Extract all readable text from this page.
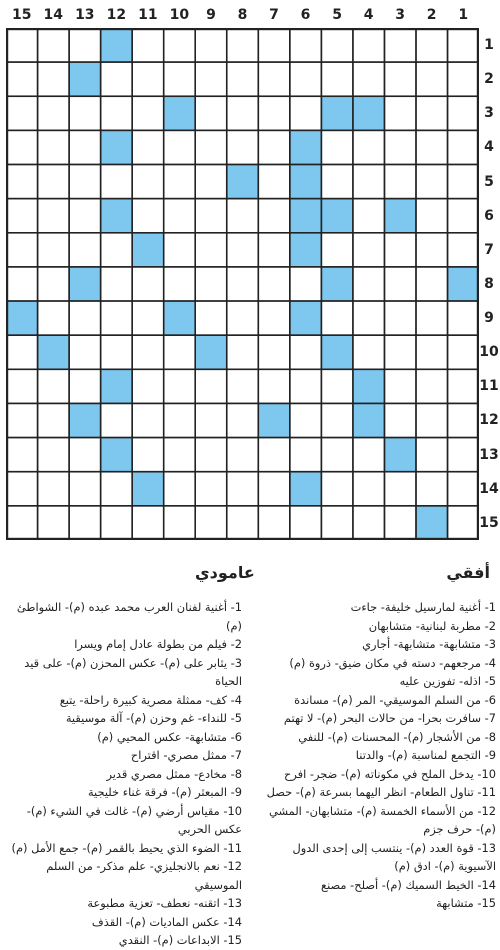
15 14 13 12 11 10	9	8	7	6	5	4	3	2	1
1
2
3
4
5
6
7
8
9
10
11
12
13
14
15
أفقي
عامودي
1- أغنية لمارسيل خليفة- جاءت
2- مطربة لبنانية- متشابهان
3- متشابهة- متشابهة- أجاري
4- مرجعهم- دسته في مكان ضيق- ذروة (م)
5- اذله- تفوزين عليه
6- من السلم الموسيقي- المر (م)- مساندة
7- سافرت بحرا- من حالات البحر (م)- لا تهتم
8- من الأشجار (م)- المحسنات (م)- للنفي
9- التجمع لمناسبة (م)- والدتنا
10- يدخل الملح في مكوناته (م)- ضجر- افرح
11- تناول الطعام- انظر اليهما بسرعة (م)- حصل
12- من الأسماء الخمسة (م)- متشابهان- المشي
(م)- حرف جزم
13- قوة العدد (م)- ينتسب إلى إحدى الدول
الآسيوية (م)- ادق (م)
14- الخيط السميك (م)- أصلح- مصنع
15- متشابهة
1- أغنية لفنان العرب محمد عبده (م)- الشواطئ (م)
2- فيلم من بطولة عادل إمام ويسرا
3- يثابر على (م)- عكس المحزن (م)- على قيد الحياة
4- كف- ممثلة مصرية كبيرة راحلة- يتبع
5- للنداء- غم وحزن (م)- آلة موسيقية
6- متشابهة- عكس المحيي (م)
7- ممثل مصري- اقتراح
8- مخادع- ممثل مصري قدير
9- المبعثر (م)- فرقة غناء خليجية
10- مقياس أرضي (م)- غالت في الشيء (م)-
عكس الحربي
11- الضوء الذي يحيط بالقمر (م)- جمع الأمل (م)
12- نعم بالانجليزي- علم مذكر- من السلم
الموسيقي
13- اتقنه- نعطف- تعزية مطبوعة
14- عكس الماديات (م)- القذف
15- الابداعات (م)- النقدي
